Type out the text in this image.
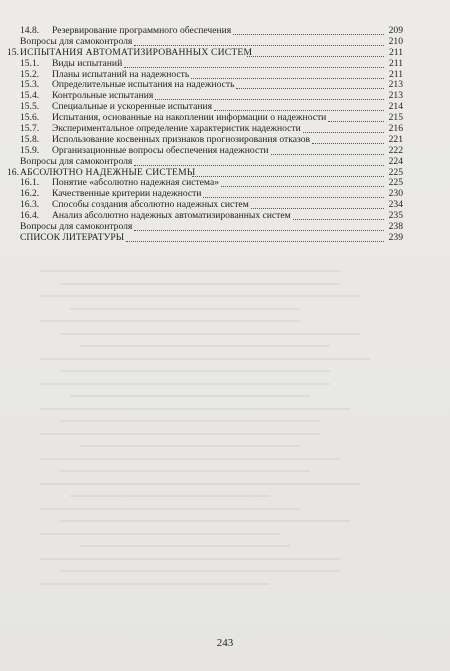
14.8. Резервирование программного обеспечения	209
Вопросы для самоконтроля	210
15. ИСПЫТАНИЯ АВТОМАТИЗИРОВАННЫХ СИСТЕМ	211
15.1. Виды испытаний	211
15.2. Планы испытаний на надежность	211
15.3. Определительные испытания на надежность	213
15.4. Контрольные испытания	213
15.5. Специальные и ускоренные испытания	214
15.6. Испытания, основанные на накоплении информации о надежности	215
15.7. Экспериментальное определение характеристик надежности	216
15.8. Использование косвенных признаков прогнозирования отказов	221
15.9. Организационные вопросы обеспечения надежности	222
Вопросы для самоконтроля	224
16. АБСОЛЮТНО НАДЕЖНЫЕ СИСТЕМЫ	225
16.1. Понятие «абсолютно надежная система»	225
16.2. Качественные критерии надежности	230
16.3. Способы создания абсолютно надежных систем	234
16.4. Анализ абсолютно надежных автоматизированных систем	235
Вопросы для самоконтроля	238
СПИСОК ЛИТЕРАТУРЫ	239
243
